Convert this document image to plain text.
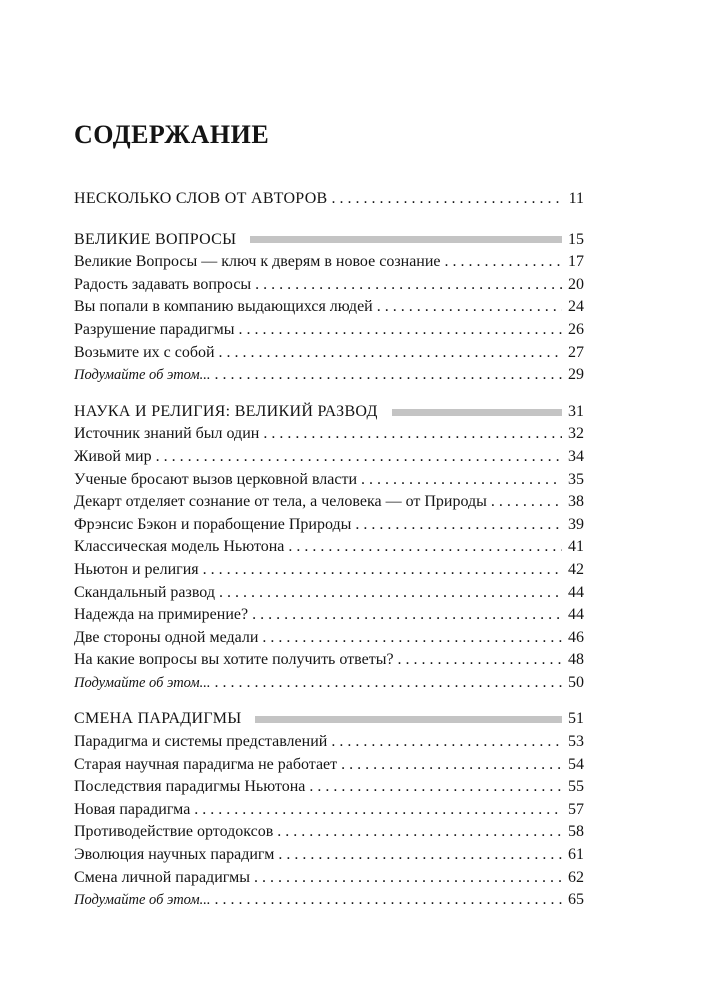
СОДЕРЖАНИЕ
НЕСКОЛЬКО СЛОВ ОТ АВТОРОВ . . .	11
ВЕЛИКИЕ ВОПРОСЫ	15
Великие Вопросы — ключ к дверям в новое сознание . . .	17
Радость задавать вопросы . . .	20
Вы попали в компанию выдающихся людей . . .	24
Разрушение парадигмы . . .	26
Возьмите их с собой . . .	27
Подумайте об этом... . . .	29
НАУКА И РЕЛИГИЯ: ВЕЛИКИЙ РАЗВОД	31
Источник знаний был один . . .	32
Живой мир . . .	34
Ученые бросают вызов церковной власти . . .	35
Декарт отделяет сознание от тела, а человека — от Природы . . .	38
Фрэнсис Бэкон и порабощение Природы . . .	39
Классическая модель Ньютона . . .	41
Ньютон и религия . . .	42
Скандальный развод . . .	44
Надежда на примирение? . . .	44
Две стороны одной медали . . .	46
На какие вопросы вы хотите получить ответы? . . .	48
Подумайте об этом... . . .	50
СМЕНА ПАРАДИГМЫ	51
Парадигма и системы представлений . . .	53
Старая научная парадигма не работает . . .	54
Последствия парадигмы Ньютона . . .	55
Новая парадигма . . .	57
Противодействие ортодоксов . . .	58
Эволюция научных парадигм . . .	61
Смена личной парадигмы . . .	62
Подумайте об этом... . . .	65
